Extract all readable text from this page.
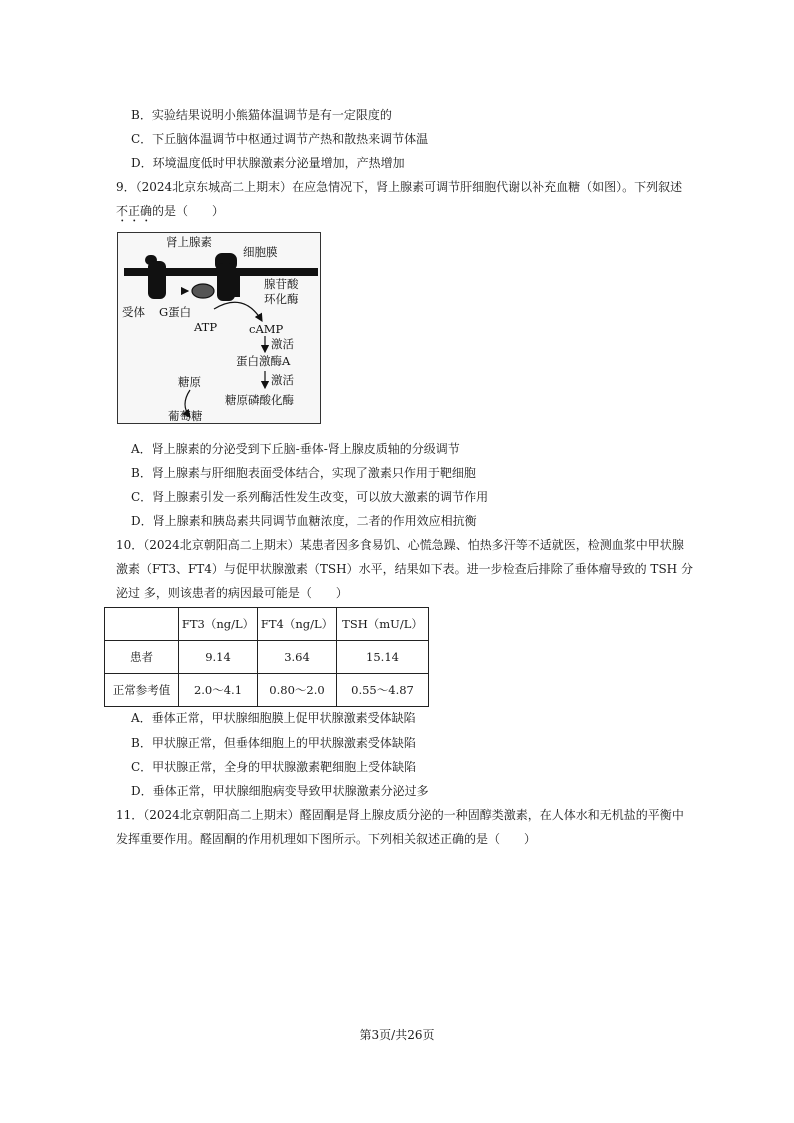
B．实验结果说明小熊猫体温调节是有一定限度的
C．下丘脑体温调节中枢通过调节产热和散热来调节体温
D．环境温度低时甲状腺激素分泌量增加，产热增加
9．（2024北京东城高二上期末）在应急情况下，肾上腺素可调节肝细胞代谢以补充血糖（如图）。下列叙述
不正确的是（　　）
肾上腺素
细胞膜
腺苷酸
环化酶
受体 G蛋白
ATP	cAMP
激活
蛋白激酶A
糖原	激活
糖原磷酸化酶
葡萄糖
A．肾上腺素的分泌受到下丘脑-垂体-肾上腺皮质轴的分级调节
B．肾上腺素与肝细胞表面受体结合，实现了激素只作用于靶细胞
C．肾上腺素引发一系列酶活性发生改变，可以放大激素的调节作用
D．肾上腺素和胰岛素共同调节血糖浓度，二者的作用效应相抗衡
10．（2024北京朝阳高二上期末）某患者因多食易饥、心慌急躁、怕热多汗等不适就医，检测血浆中甲状腺
激素（FT3、FT4）与促甲状腺激素（TSH）水平，结果如下表。进一步检查后排除了垂体瘤导致的 TSH 分
泌过 多，则该患者的病因最可能是（　　）
	FT3（ng/L）	FT4（ng/L）	TSH（mU/L）
患者	9.14	3.64	15.14
正常参考值	2.0～4.1	0.80～2.0	0.55～4.87
A．垂体正常，甲状腺细胞膜上促甲状腺激素受体缺陷
B．甲状腺正常，但垂体细胞上的甲状腺激素受体缺陷
C．甲状腺正常，全身的甲状腺激素靶细胞上受体缺陷
D．垂体正常，甲状腺细胞病变导致甲状腺激素分泌过多
11．（2024北京朝阳高二上期末）醛固酮是肾上腺皮质分泌的一种固醇类激素，在人体水和无机盐的平衡中
发挥重要作用。醛固酮的作用机理如下图所示。下列相关叙述正确的是（　　）
第3页/共26页
